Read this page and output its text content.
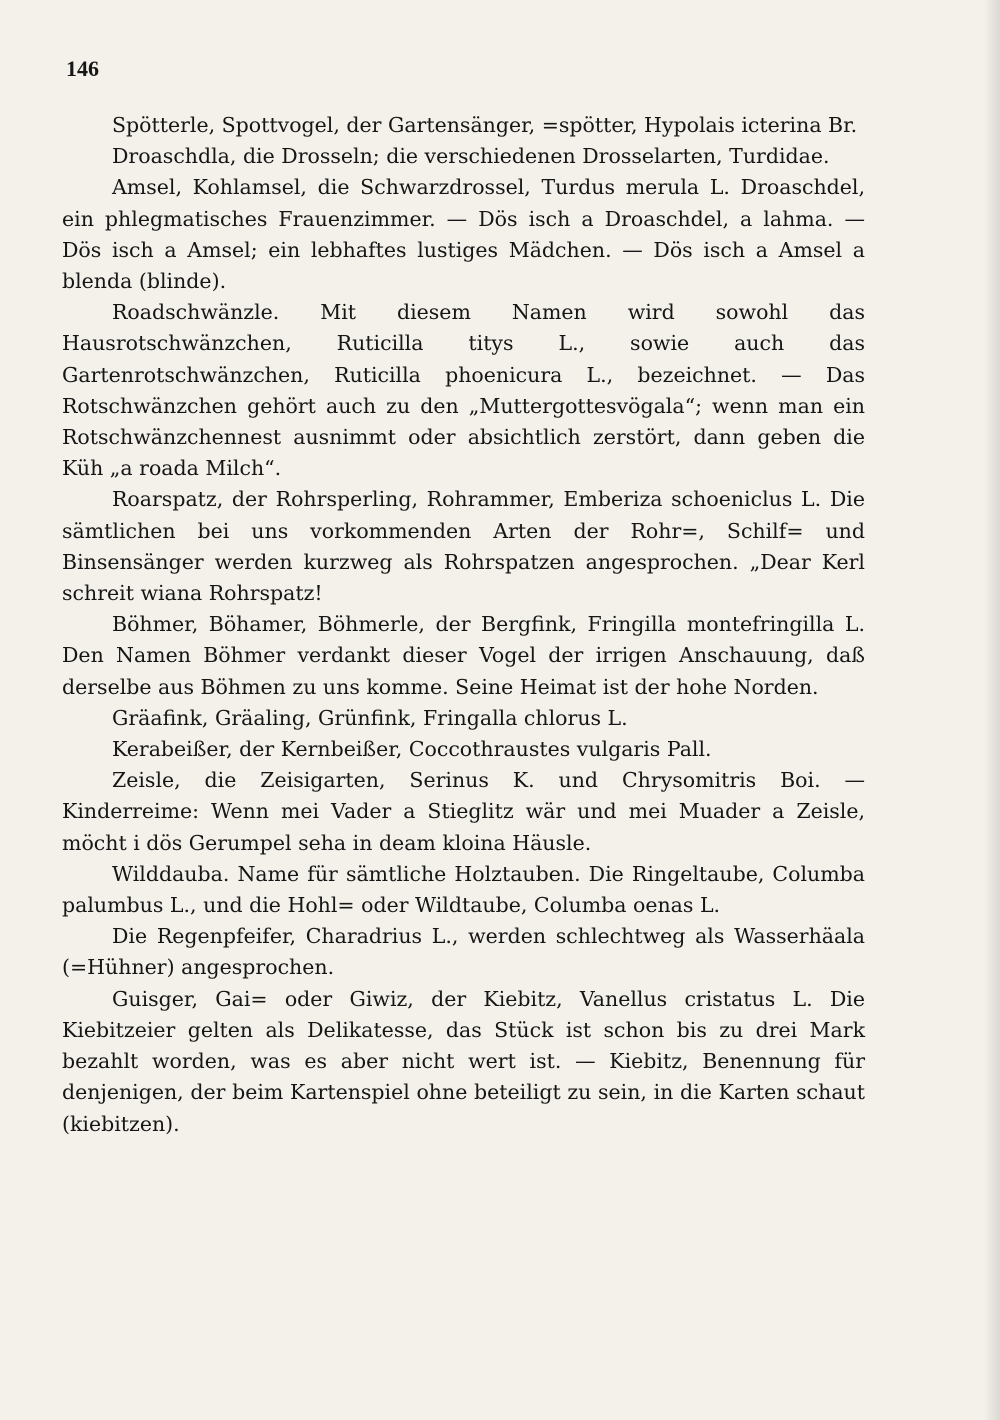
146

Spötterle, Spottvogel, der Gartensänger, =spötter, Hypolais icterina Br.

Droaschdla, die Drosseln; die verschiedenen Drosselarten, Turdidae.

Amsel, Kohlamsel, die Schwarzdrossel, Turdus merula L. Droaschdel, ein phlegmatisches Frauenzimmer. — Dös isch a Droaschdel, a lahma. — Dös isch a Amsel; ein lebhaftes lustiges Mädchen. — Dös isch a Amsel a blenda (blinde).

Roadschwänzle. Mit diesem Namen wird sowohl das Hausrotschwänzchen, Ruticilla titys L., sowie auch das Gartenrotschwänzchen, Ruticilla phoenicura L., bezeichnet. — Das Rotschwänzchen gehört auch zu den „Muttergottesvögala“; wenn man ein Rotschwänzchennest ausnimmt oder absichtlich zerstört, dann geben die Küh „a roada Milch“.

Roarspatz, der Rohrsperling, Rohrammer, Emberiza schoeniclus L. Die sämtlichen bei uns vorkommenden Arten der Rohr=, Schilf= und Binsensänger werden kurzweg als Rohrspatzen angesprochen. „Dear Kerl schreit wiana Rohrspatz!

Böhmer, Böhamer, Böhmerle, der Bergfink, Fringilla montefringilla L. Den Namen Böhmer verdankt dieser Vogel der irrigen Anschauung, daß derselbe aus Böhmen zu uns komme. Seine Heimat ist der hohe Norden.

Gräafink, Gräaling, Grünfink, Fringalla chlorus L.

Kerabeißer, der Kernbeißer, Coccothraustes vulgaris Pall.

Zeisle, die Zeisigarten, Serinus K. und Chrysomitris Boi. — Kinderreime: Wenn mei Vader a Stieglitz wär und mei Muader a Zeisle, möcht i dös Gerumpel seha in deam kloina Häusle.

Wilddauba. Name für sämtliche Holztauben. Die Ringeltaube, Columba palumbus L., und die Hohl= oder Wildtaube, Columba oenas L.

Die Regenpfeifer, Charadrius L., werden schlechtweg als Wasserhäala (=Hühner) angesprochen.

Guisger, Gai= oder Giwiz, der Kiebitz, Vanellus cristatus L. Die Kiebitzeier gelten als Delikatesse, das Stück ist schon bis zu drei Mark bezahlt worden, was es aber nicht wert ist. — Kiebitz, Benennung für denjenigen, der beim Kartenspiel ohne beteiligt zu sein, in die Karten schaut (kiebitzen).
